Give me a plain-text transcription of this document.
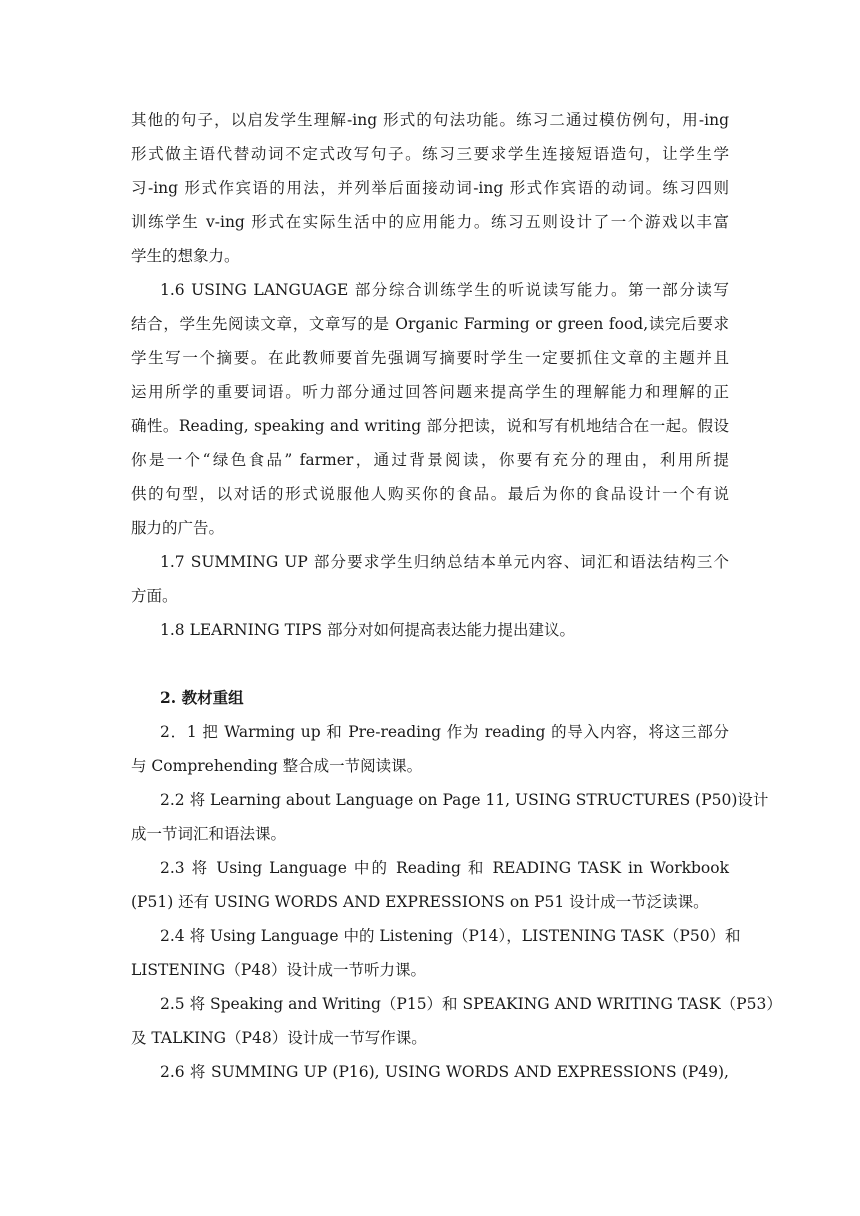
其他的句子，以启发学生理解-ing 形式的句法功能。练习二通过模仿例句，用-ing
形式做主语代替动词不定式改写句子。练习三要求学生连接短语造句，让学生学
习-ing 形式作宾语的用法，并列举后面接动词-ing 形式作宾语的动词。练习四则
训练学生 v-ing 形式在实际生活中的应用能力。练习五则设计了一个游戏以丰富
学生的想象力。
1.6 USING LANGUAGE 部分综合训练学生的听说读写能力。第一部分读写
结合，学生先阅读文章，文章写的是 Organic Farming or green food,读完后要求
学生写一个摘要。在此教师要首先强调写摘要时学生一定要抓住文章的主题并且
运用所学的重要词语。听力部分通过回答问题来提高学生的理解能力和理解的正
确性。Reading, speaking and writing 部分把读，说和写有机地结合在一起。假设
你是一个“绿色食品” farmer，通过背景阅读，你要有充分的理由，利用所提
供的句型，以对话的形式说服他人购买你的食品。最后为你的食品设计一个有说
服力的广告。
1.7 SUMMING UP 部分要求学生归纳总结本单元内容、词汇和语法结构三个
方面。
1.8 LEARNING TIPS 部分对如何提高表达能力提出建议。
2. 教材重组
2．1 把 Warming up 和 Pre-reading 作为 reading 的导入内容，将这三部分
与 Comprehending 整合成一节阅读课。
2.2 将 Learning about Language on Page 11, USING STRUCTURES (P50)设计
成一节词汇和语法课。
2.3 将 Using Language 中的 Reading 和 READING TASK in Workbook
(P51) 还有 USING WORDS AND EXPRESSIONS on P51 设计成一节泛读课。
2.4 将 Using Language 中的 Listening（P14），LISTENING TASK（P50）和
LISTENING（P48）设计成一节听力课。
2.5 将 Speaking and Writing（P15）和 SPEAKING AND WRITING TASK（P53）
及 TALKING（P48）设计成一节写作课。
2.6 将 SUMMING UP (P16), USING WORDS AND EXPRESSIONS (P49),
